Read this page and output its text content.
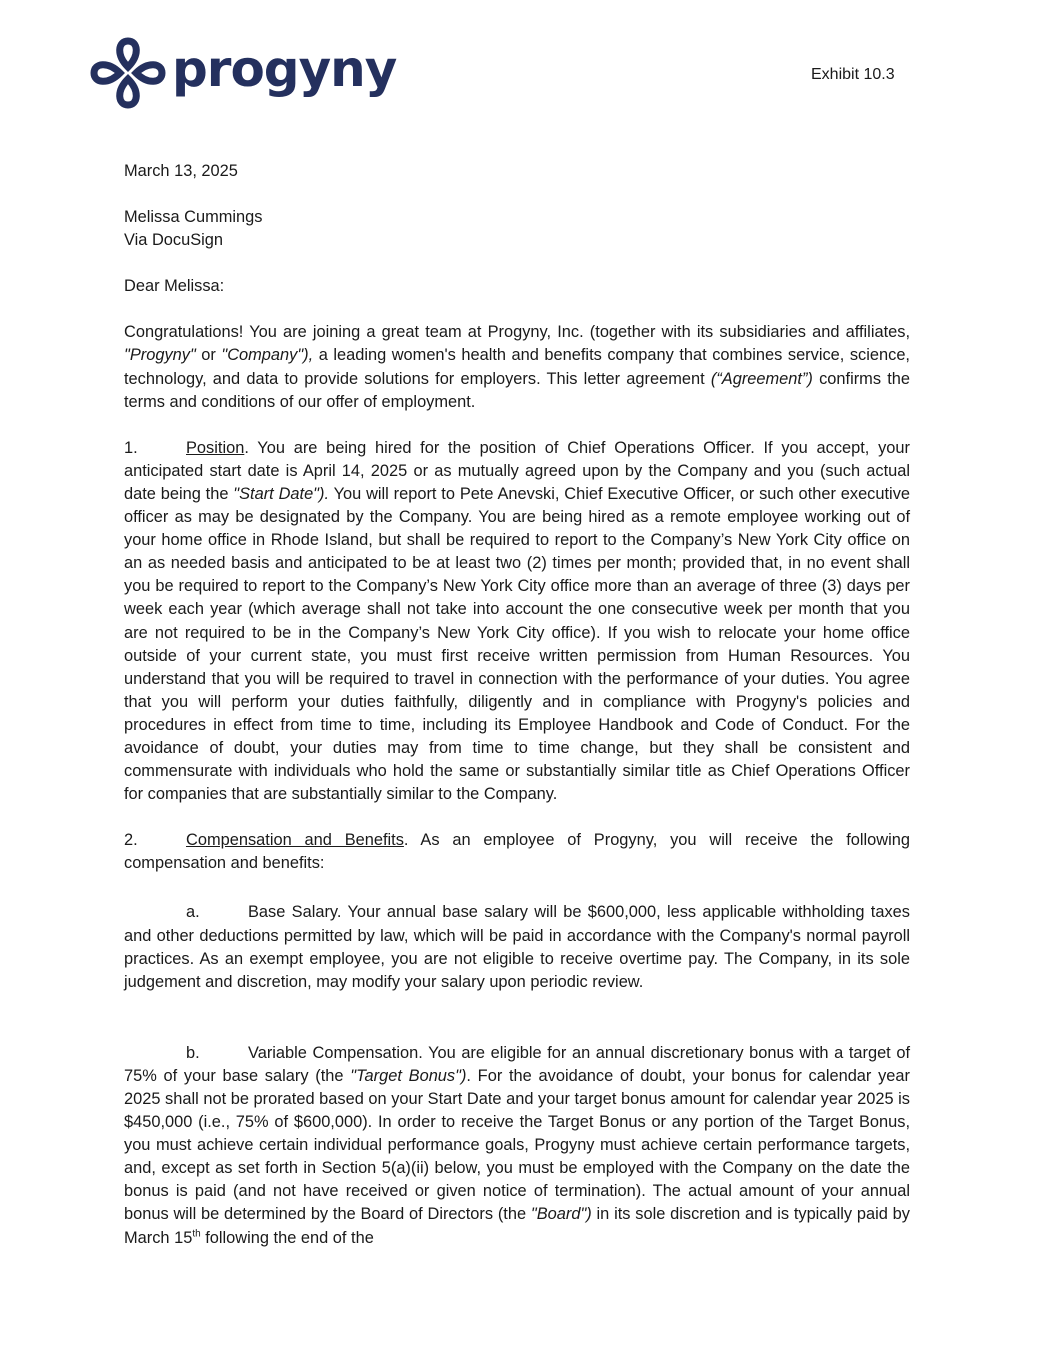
progyny	Exhibit 10.3

March 13, 2025

Melissa Cummings

Via DocuSign

Dear Melissa:

Congratulations! You are joining a great team at Progyny, Inc. (together with its subsidiaries and affiliates, "Progyny" or "Company"), a leading women's health and benefits company that combines service, science, technology, and data to provide solutions for employers. This letter agreement (“Agreement”) confirms the terms and conditions of our offer of employment.

1.	Position. You are being hired for the position of Chief Operations Officer. If you accept, your anticipated start date is April 14, 2025 or as mutually agreed upon by the Company and you (such actual date being the "Start Date"). You will report to Pete Anevski, Chief Executive Officer, or such other executive officer as may be designated by the Company. You are being hired as a remote employee working out of your home office in Rhode Island, but shall be required to report to the Company’s New York City office on an as needed basis and anticipated to be at least two (2) times per month; provided that, in no event shall you be required to report to the Company’s New York City office more than an average of three (3) days per week each year (which average shall not take into account the one consecutive week per month that you are not required to be in the Company’s New York City office). If you wish to relocate your home office outside of your current state, you must first receive written permission from Human Resources. You understand that you will be required to travel in connection with the performance of your duties. You agree that you will perform your duties faithfully, diligently and in compliance with Progyny's policies and procedures in effect from time to time, including its Employee Handbook and Code of Conduct. For the avoidance of doubt, your duties may from time to time change, but they shall be consistent and commensurate with individuals who hold the same or substantially similar title as Chief Operations Officer for companies that are substantially similar to the Company.

2.	Compensation and Benefits. As an employee of Progyny, you will receive the following compensation and benefits:

a.	Base Salary. Your annual base salary will be $600,000, less applicable withholding taxes and other deductions permitted by law, which will be paid in accordance with the Company's normal payroll practices. As an exempt employee, you are not eligible to receive overtime pay. The Company, in its sole judgement and discretion, may modify your salary upon periodic review.

b.	Variable Compensation. You are eligible for an annual discretionary bonus with a target of 75% of your base salary (the "Target Bonus"). For the avoidance of doubt, your bonus for calendar year 2025 shall not be prorated based on your Start Date and your target bonus amount for calendar year 2025 is $450,000 (i.e., 75% of $600,000). In order to receive the Target Bonus or any portion of the Target Bonus, you must achieve certain individual performance goals, Progyny must achieve certain performance targets, and, except as set forth in Section 5(a)(ii) below, you must be employed with the Company on the date the bonus is paid (and not have received or given notice of termination). The actual amount of your annual bonus will be determined by the Board of Directors (the "Board") in its sole discretion and is typically paid by March 15th following the end of the
